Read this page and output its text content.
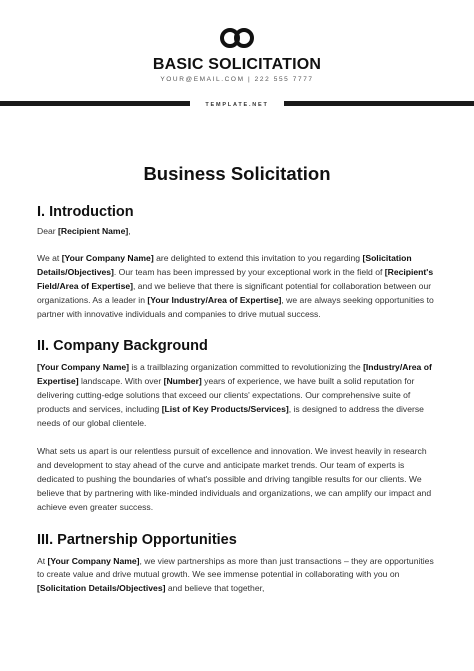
BASIC SOLICITATION
YOUR@EMAIL.COM | 222 555 7777
TEMPLATE.NET
Business Solicitation
I. Introduction

Dear [Recipient Name],

We at [Your Company Name] are delighted to extend this invitation to you regarding [Solicitation Details/Objectives]. Our team has been impressed by your exceptional work in the field of [Recipient's Field/Area of Expertise], and we believe that there is significant potential for collaboration between our organizations. As a leader in [Your Industry/Area of Expertise], we are always seeking opportunities to partner with innovative individuals and companies to drive mutual success.

II. Company Background

[Your Company Name] is a trailblazing organization committed to revolutionizing the [Industry/Area of Expertise] landscape. With over [Number] years of experience, we have built a solid reputation for delivering cutting-edge solutions that exceed our clients' expectations. Our comprehensive suite of products and services, including [List of Key Products/Services], is designed to address the diverse needs of our global clientele.

What sets us apart is our relentless pursuit of excellence and innovation. We invest heavily in research and development to stay ahead of the curve and anticipate market trends. Our team of experts is dedicated to pushing the boundaries of what's possible and driving tangible results for our clients. We believe that by partnering with like-minded individuals and organizations, we can amplify our impact and achieve even greater success.

III. Partnership Opportunities

At [Your Company Name], we view partnerships as more than just transactions – they are opportunities to create value and drive mutual growth. We see immense potential in collaborating with you on [Solicitation Details/Objectives] and believe that together,
